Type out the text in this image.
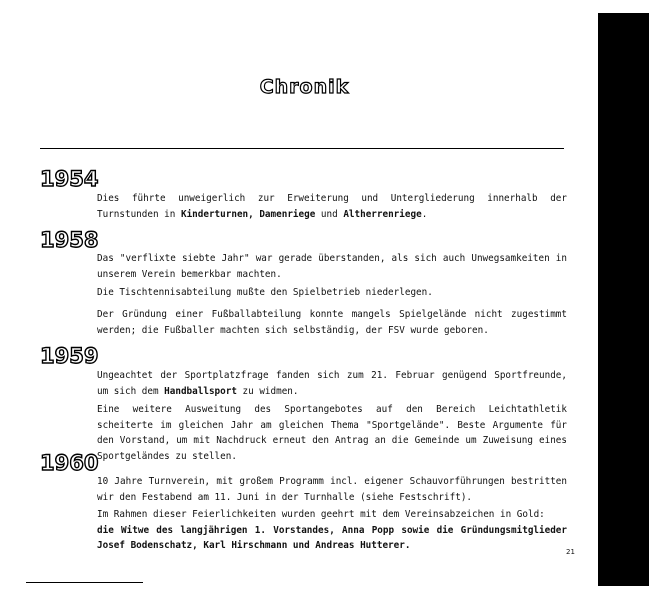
Chronik
1954

Dies führte unweigerlich zur Erweiterung und Untergliederung innerhalb der Turnstunden in Kinderturnen, Damenriege und Altherrenriege.

1958

Das "verflixte siebte Jahr" war gerade überstanden, als sich auch Unwegsamkeiten in unserem Verein bemerkbar machten.

Die Tischtennisabteilung mußte den Spielbetrieb niederlegen.

Der Gründung einer Fußballabteilung konnte mangels Spielgelände nicht zugestimmt werden; die Fußballer machten sich selbständig, der FSV wurde geboren.

1959

Ungeachtet der Sportplatzfrage fanden sich zum 21. Februar genügend Sportfreunde, um sich dem Handballsport zu widmen.

Eine weitere Ausweitung des Sportangebotes auf den Bereich Leichtathletik scheiterte im gleichen Jahr am gleichen Thema "Sportgelände". Beste Argumente für den Vorstand, um mit Nachdruck erneut den Antrag an die Gemeinde um Zuweisung eines Sportgeländes zu stellen.

1960

10 Jahre Turnverein, mit großem Programm incl. eigener Schauvorführungen bestritten wir den Festabend am 11. Juni in der Turnhalle (siehe Festschrift).

Im Rahmen dieser Feierlichkeiten wurden geehrt mit dem Vereinsabzeichen in Gold:
die Witwe des langjährigen 1. Vorstandes, Anna Popp sowie die Gründungsmitglieder Josef Bodenschatz, Karl Hirschmann und Andreas Hutterer.

21
